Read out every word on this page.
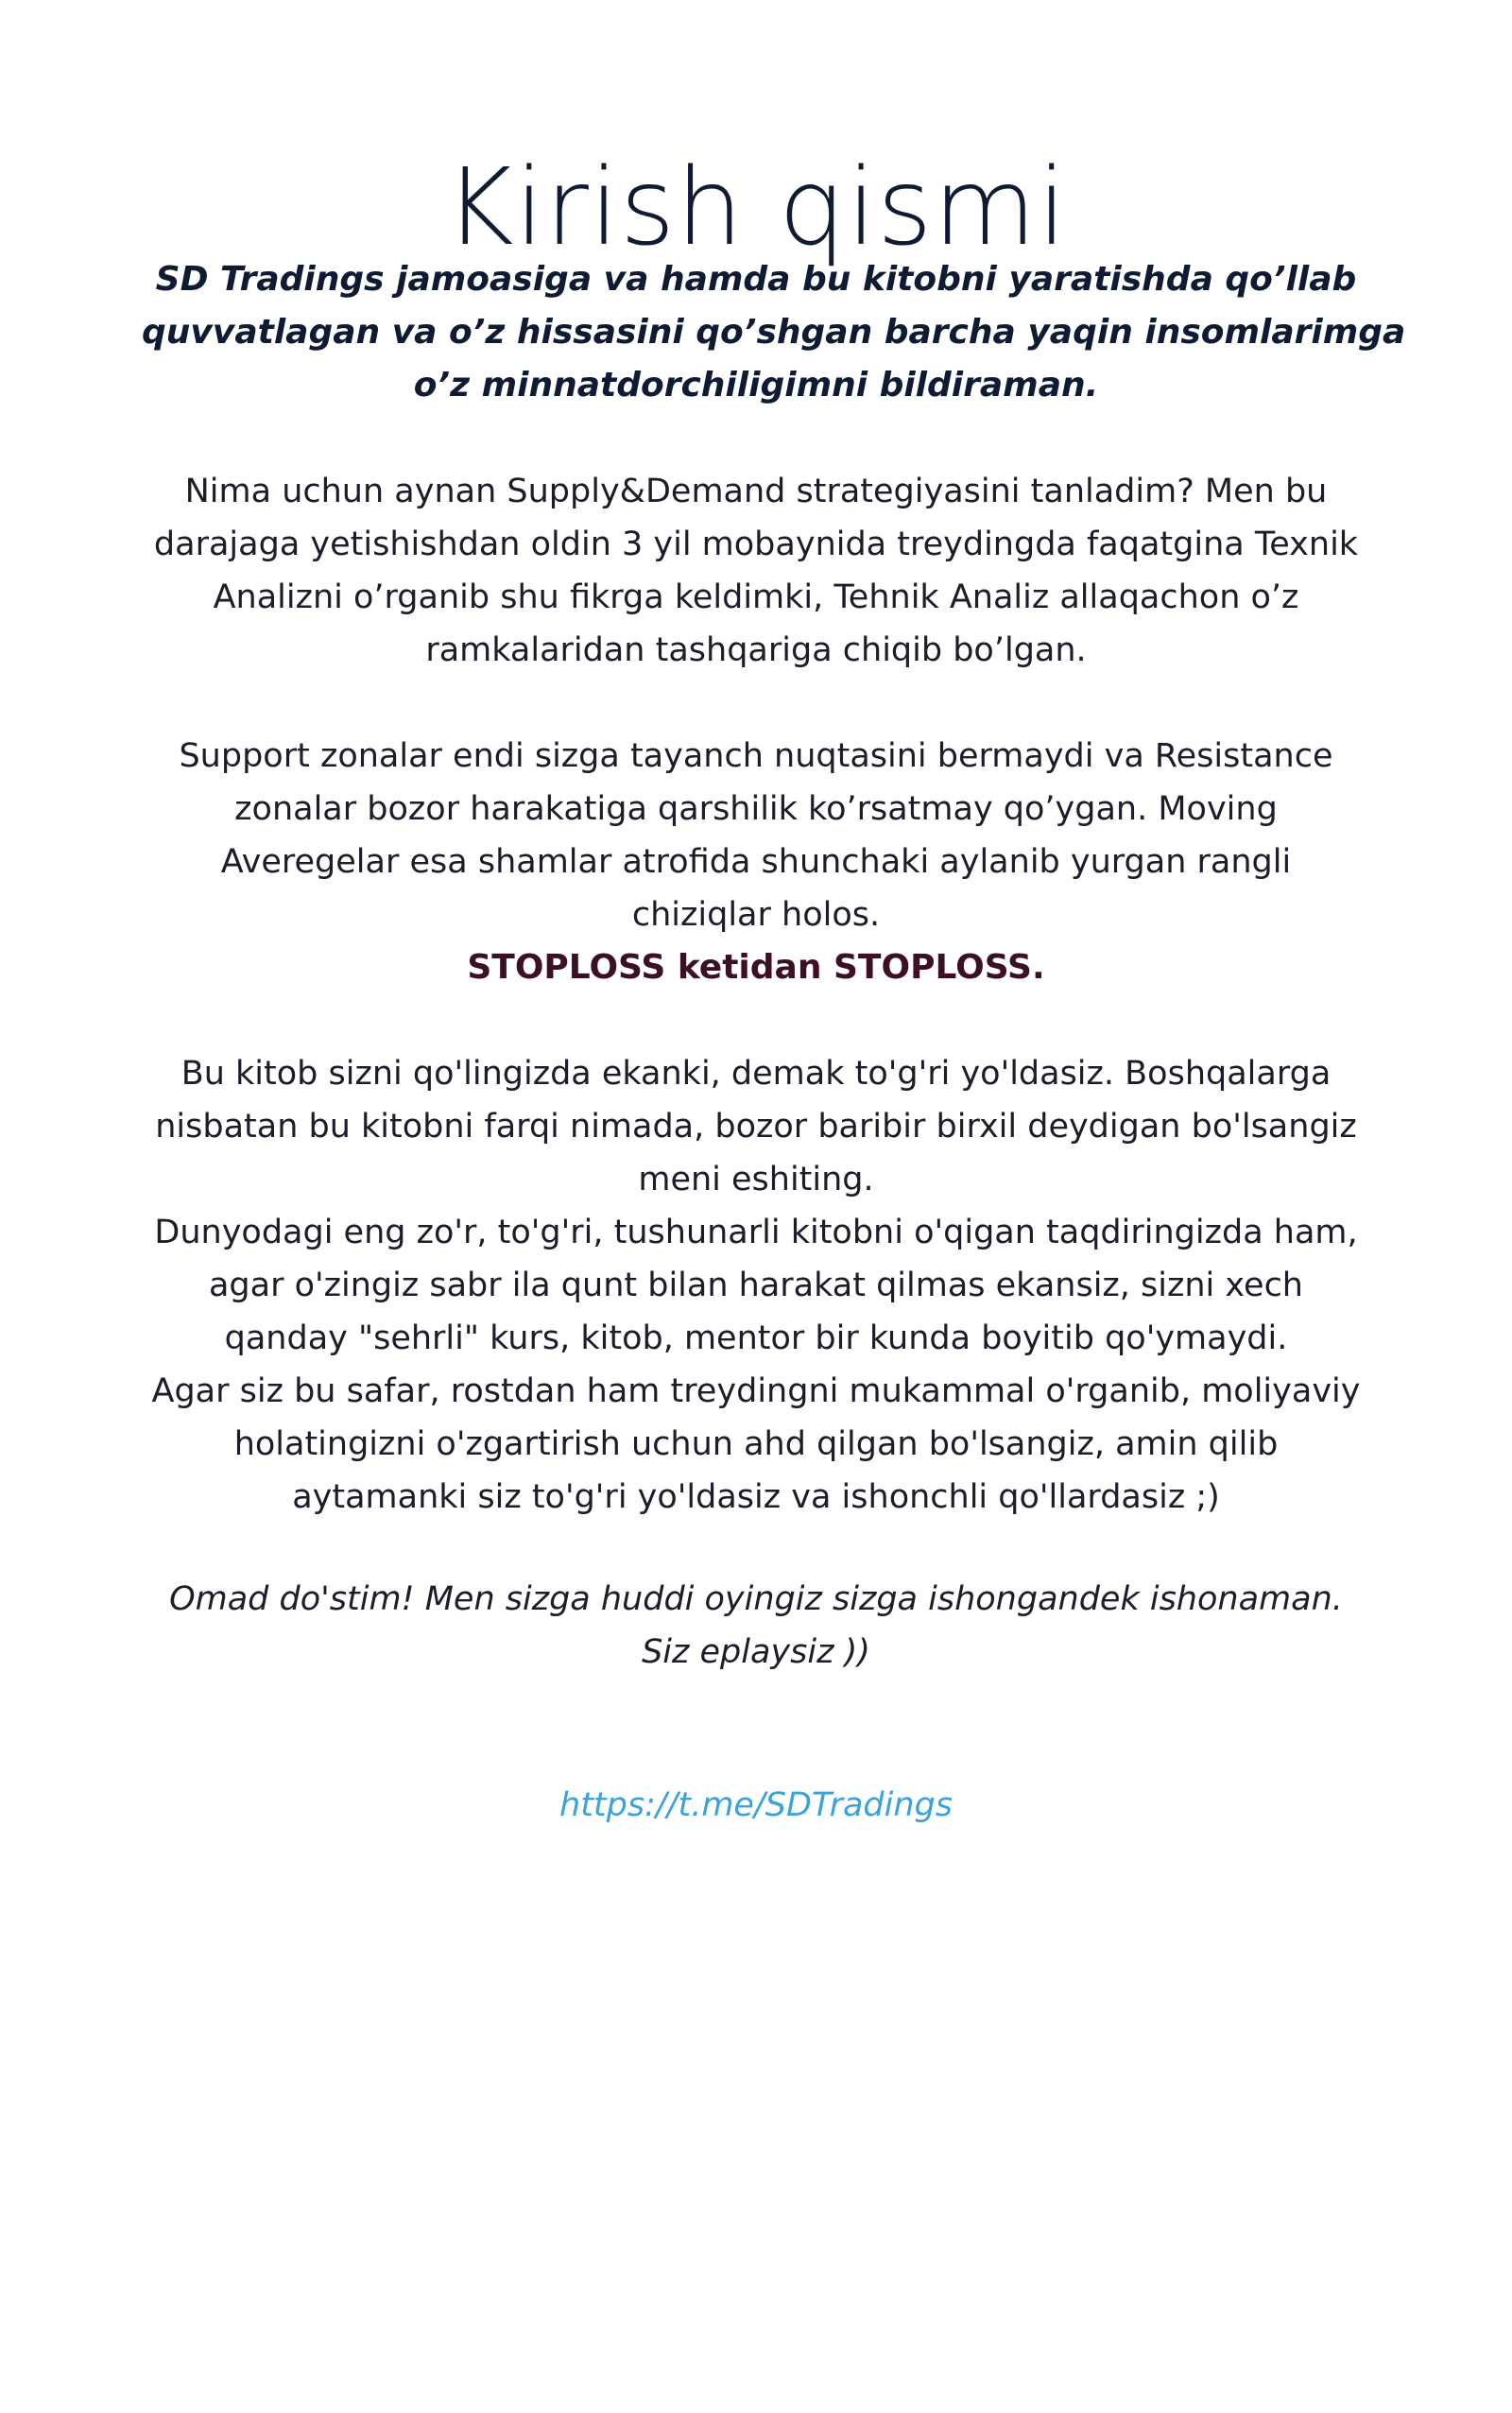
Kirish qismi
SD Tradings jamoasiga va hamda bu kitobni yaratishda qo’llab
quvvatlagan va o’z hissasini qo’shgan barcha yaqin insomlarimga
o’z minnatdorchiligimni bildiraman.
Nima uchun aynan Supply&Demand strategiyasini tanladim? Men bu
darajaga yetishishdan oldin 3 yil mobaynida treydingda faqatgina Texnik
Analizni o’rganib shu fikrga keldimki, Tehnik Analiz allaqachon o’z
ramkalaridan tashqariga chiqib bo’lgan.
Support zonalar endi sizga tayanch nuqtasini bermaydi va Resistance
zonalar bozor harakatiga qarshilik ko’rsatmay qo’ygan. Moving
Averegelar esa shamlar atrofida shunchaki aylanib yurgan rangli
chiziqlar holos.
STOPLOSS ketidan STOPLOSS.
Bu kitob sizni qo'lingizda ekanki, demak to'g'ri yo'ldasiz. Boshqalarga
nisbatan bu kitobni farqi nimada, bozor baribir birxil deydigan bo'lsangiz
meni eshiting.
Dunyodagi eng zo'r, to'g'ri, tushunarli kitobni o'qigan taqdiringizda ham,
agar o'zingiz sabr ila qunt bilan harakat qilmas ekansiz, sizni xech
qanday "sehrli" kurs, kitob, mentor bir kunda boyitib qo'ymaydi.
Agar siz bu safar, rostdan ham treydingni mukammal o'rganib, moliyaviy
holatingizni o'zgartirish uchun ahd qilgan bo'lsangiz, amin qilib
aytamanki siz to'g'ri yo'ldasiz va ishonchli qo'llardasiz ;)
Omad do'stim! Men sizga huddi oyingiz sizga ishongandek ishonaman.
Siz eplaysiz ))
https://t.me/SDTradings
